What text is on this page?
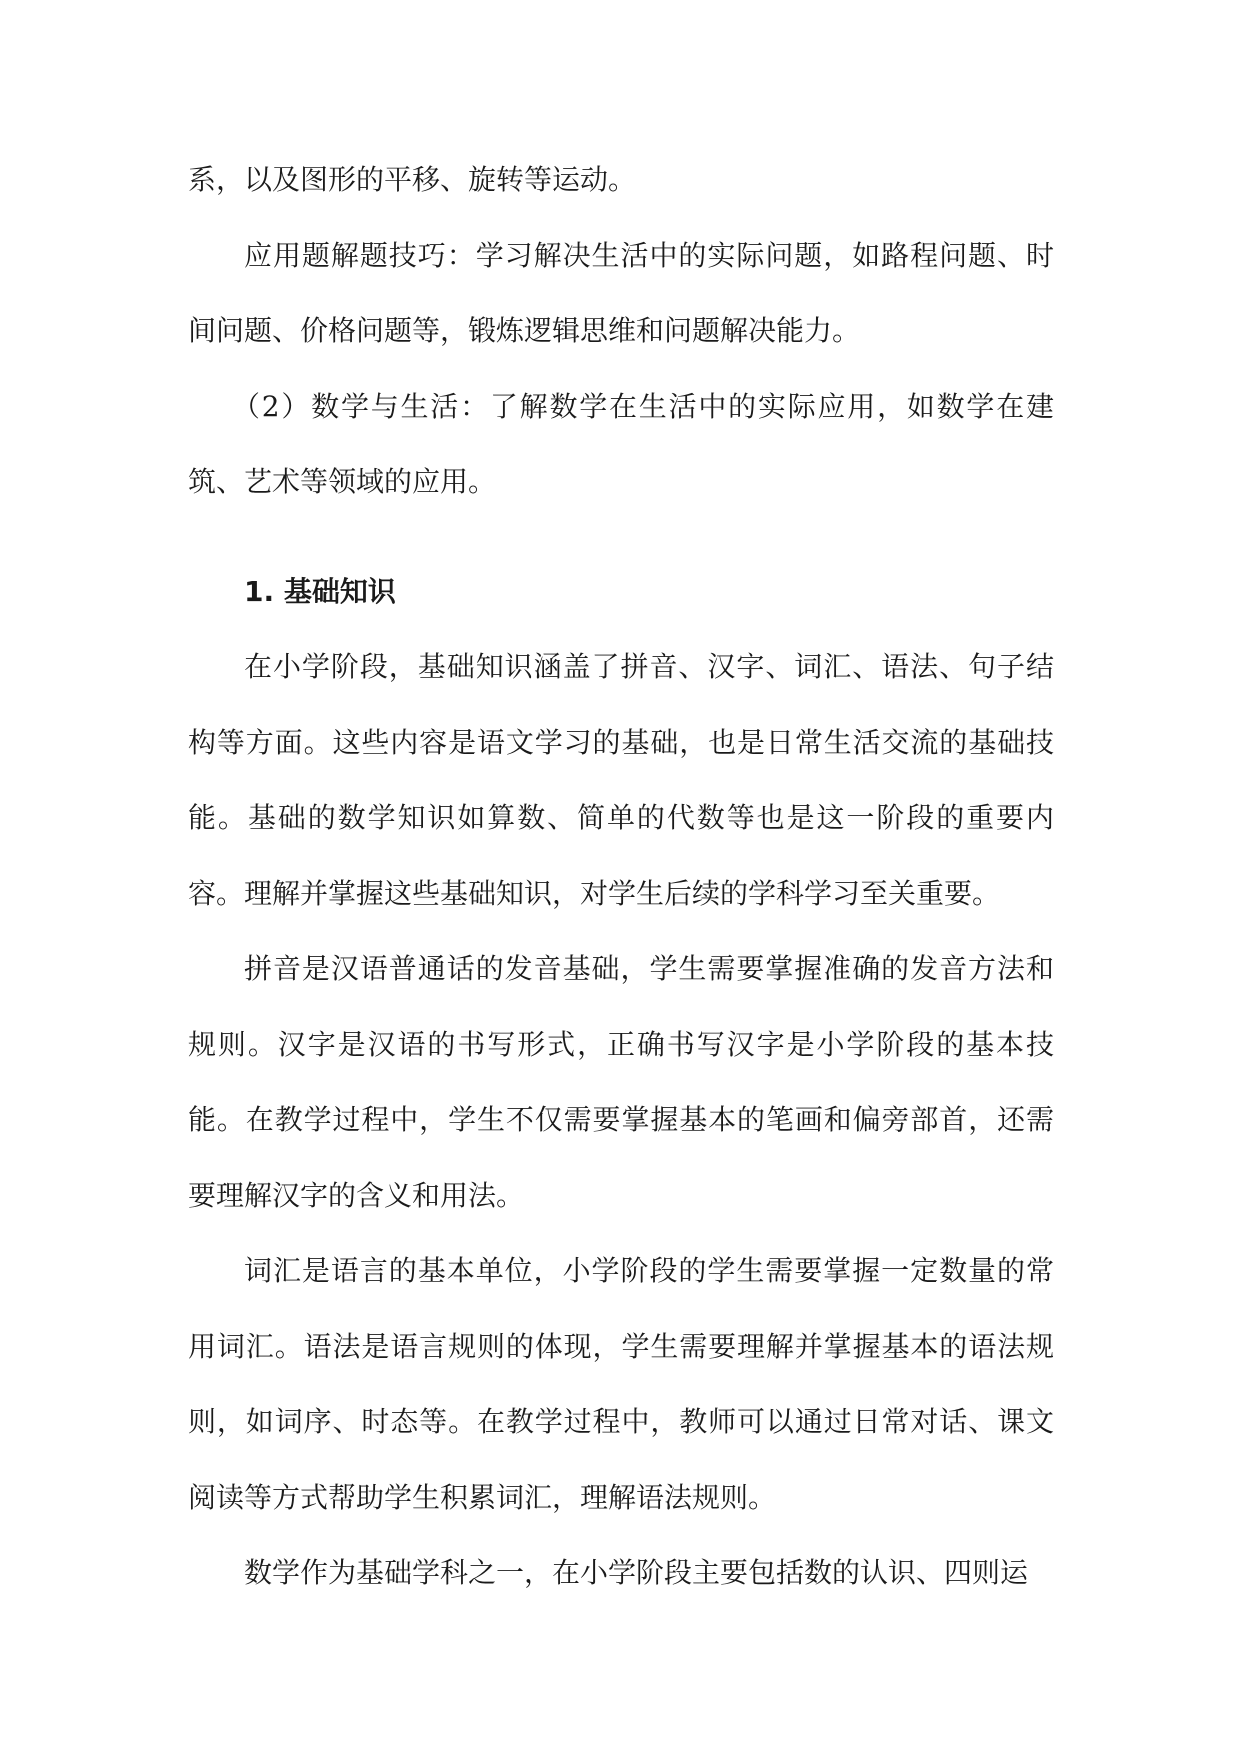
系，以及图形的平移、旋转等运动。

应用题解题技巧：学习解决生活中的实际问题，如路程问题、时间问题、价格问题等，锻炼逻辑思维和问题解决能力。

（2）数学与生活：了解数学在生活中的实际应用，如数学在建筑、艺术等领域的应用。

1. 基础知识

在小学阶段，基础知识涵盖了拼音、汉字、词汇、语法、句子结构等方面。这些内容是语文学习的基础，也是日常生活交流的基础技能。基础的数学知识如算数、简单的代数等也是这一阶段的重要内容。理解并掌握这些基础知识，对学生后续的学科学习至关重要。

拼音是汉语普通话的发音基础，学生需要掌握准确的发音方法和规则。汉字是汉语的书写形式，正确书写汉字是小学阶段的基本技能。在教学过程中，学生不仅需要掌握基本的笔画和偏旁部首，还需要理解汉字的含义和用法。

词汇是语言的基本单位，小学阶段的学生需要掌握一定数量的常用词汇。语法是语言规则的体现，学生需要理解并掌握基本的语法规则，如词序、时态等。在教学过程中，教师可以通过日常对话、课文阅读等方式帮助学生积累词汇，理解语法规则。

数学作为基础学科之一，在小学阶段主要包括数的认识、四则运
